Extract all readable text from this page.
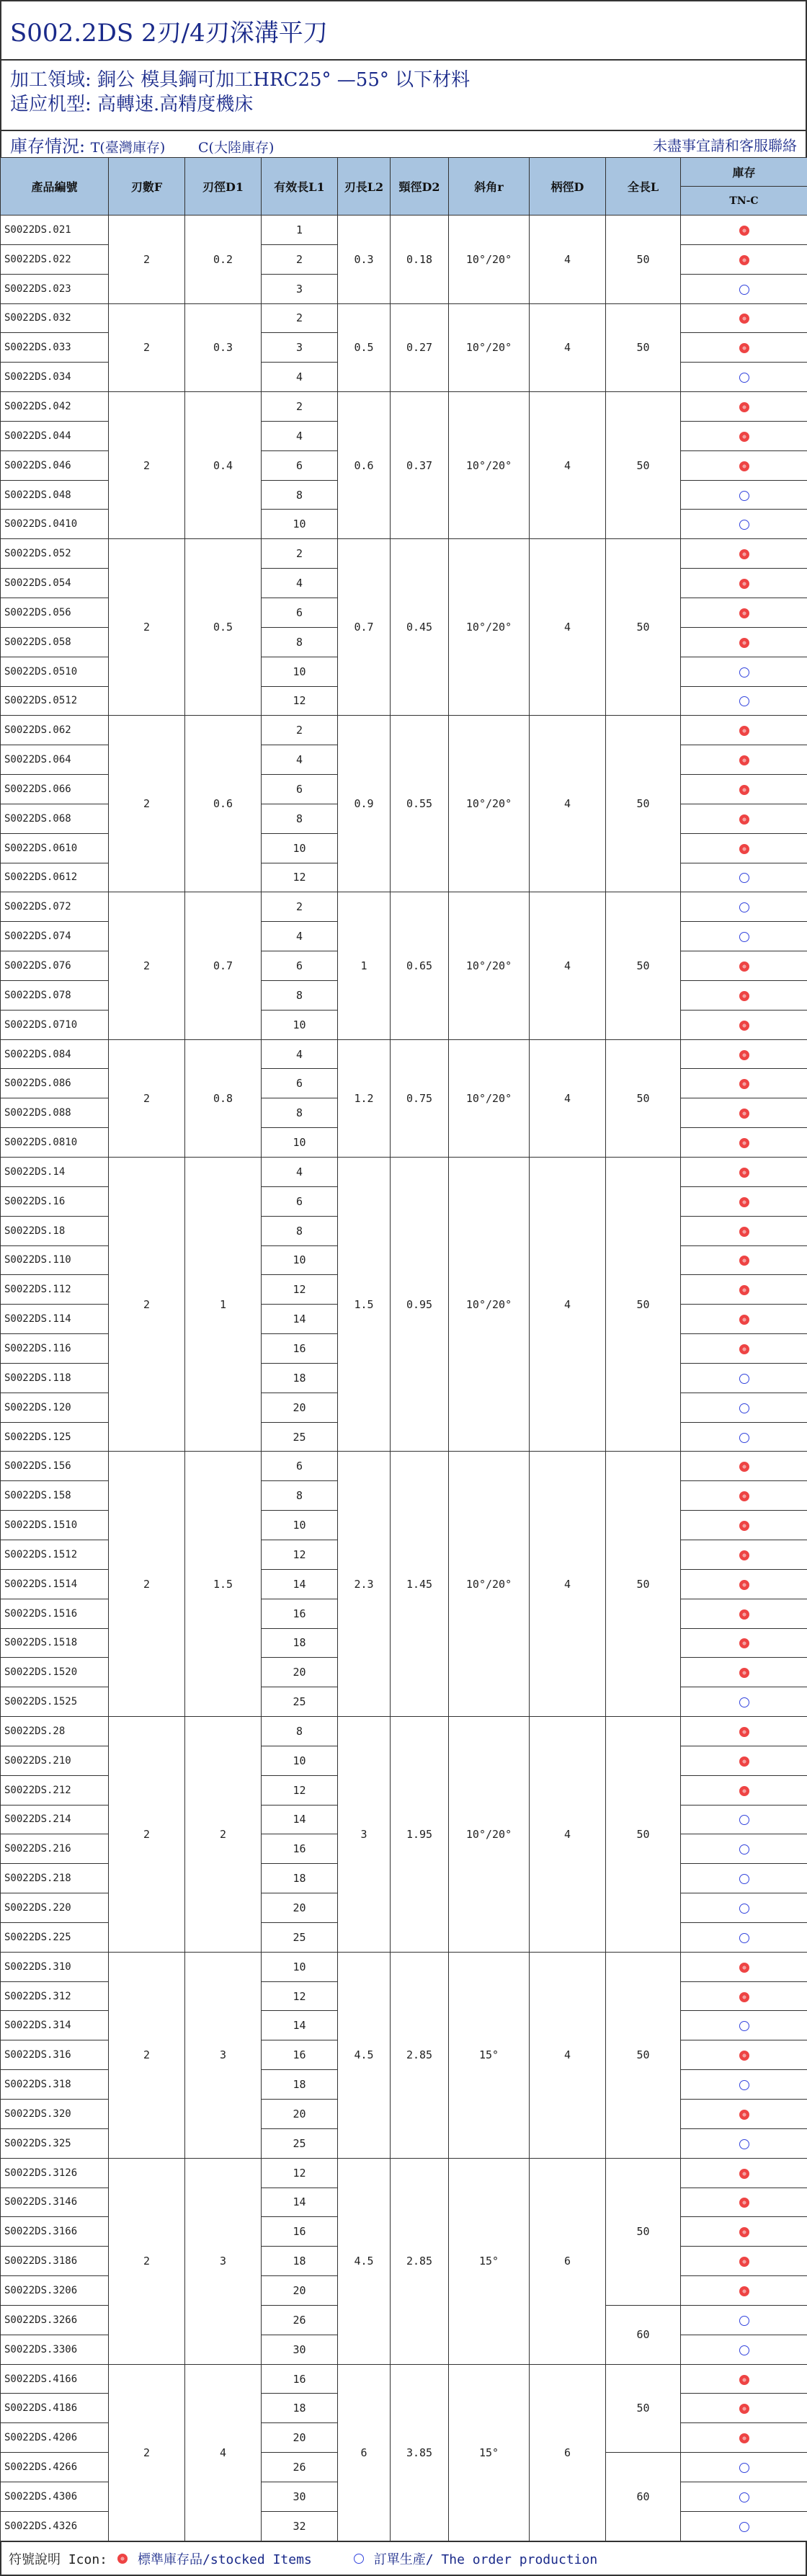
S002.2DS 2刃/4刃深溝平刀
加工領域: 銅公 模具鋼可加工HRC25° —55° 以下材料
适应机型: 高轉速.高精度機床
庫存情況: T(臺灣庫存) C(大陸庫存)	未盡事宜請和客服聯絡
產品編號	刃數F	刃徑D1	有效長L1	刃長L2	頸徑D2	斜角r	柄徑D	全長L	庫存
									TN-C
S0022DS.021	2	0.2	1	0.3	0.18	10°/20°	4	50	
S0022DS.022			2						
S0022DS.023			3						
S0022DS.032	2	0.3	2	0.5	0.27	10°/20°	4	50	
S0022DS.033			3						
S0022DS.034			4						
S0022DS.042	2	0.4	2	0.6	0.37	10°/20°	4	50	
S0022DS.044			4						
S0022DS.046			6						
S0022DS.048			8						
S0022DS.0410			10						
S0022DS.052	2	0.5	2	0.7	0.45	10°/20°	4	50	
S0022DS.054			4						
S0022DS.056			6						
S0022DS.058			8						
S0022DS.0510			10						
S0022DS.0512			12						
S0022DS.062	2	0.6	2	0.9	0.55	10°/20°	4	50	
S0022DS.064			4						
S0022DS.066			6						
S0022DS.068			8						
S0022DS.0610			10						
S0022DS.0612			12						
S0022DS.072	2	0.7	2	1	0.65	10°/20°	4	50	
S0022DS.074			4						
S0022DS.076			6						
S0022DS.078			8						
S0022DS.0710			10						
S0022DS.084	2	0.8	4	1.2	0.75	10°/20°	4	50	
S0022DS.086			6						
S0022DS.088			8						
S0022DS.0810			10						
S0022DS.14	2	1	4	1.5	0.95	10°/20°	4	50	
S0022DS.16			6						
S0022DS.18			8						
S0022DS.110			10						
S0022DS.112			12						
S0022DS.114			14						
S0022DS.116			16						
S0022DS.118			18						
S0022DS.120			20						
S0022DS.125			25						
S0022DS.156	2	1.5	6	2.3	1.45	10°/20°	4	50	
S0022DS.158			8						
S0022DS.1510			10						
S0022DS.1512			12						
S0022DS.1514			14						
S0022DS.1516			16						
S0022DS.1518			18						
S0022DS.1520			20						
S0022DS.1525			25						
S0022DS.28	2	2	8	3	1.95	10°/20°	4	50	
S0022DS.210			10						
S0022DS.212			12						
S0022DS.214			14						
S0022DS.216			16						
S0022DS.218			18						
S0022DS.220			20						
S0022DS.225			25						
S0022DS.310	2	3	10	4.5	2.85	15°	4	50	
S0022DS.312			12						
S0022DS.314			14						
S0022DS.316			16						
S0022DS.318			18						
S0022DS.320			20						
S0022DS.325			25						
S0022DS.3126	2	3	12	4.5	2.85	15°	6	50	
S0022DS.3146			14						
S0022DS.3166			16						
S0022DS.3186			18						
S0022DS.3206			20						
S0022DS.3266			26					60	
S0022DS.3306			30						
S0022DS.4166	2	4	16	6	3.85	15°	6	50	
S0022DS.4186			18						
S0022DS.4206			20						
S0022DS.4266			26					60	
S0022DS.4306			30						
S0022DS.4326			32						
符號說明 Icon: 標準庫存品/stocked Items	訂單生產/ The order production
